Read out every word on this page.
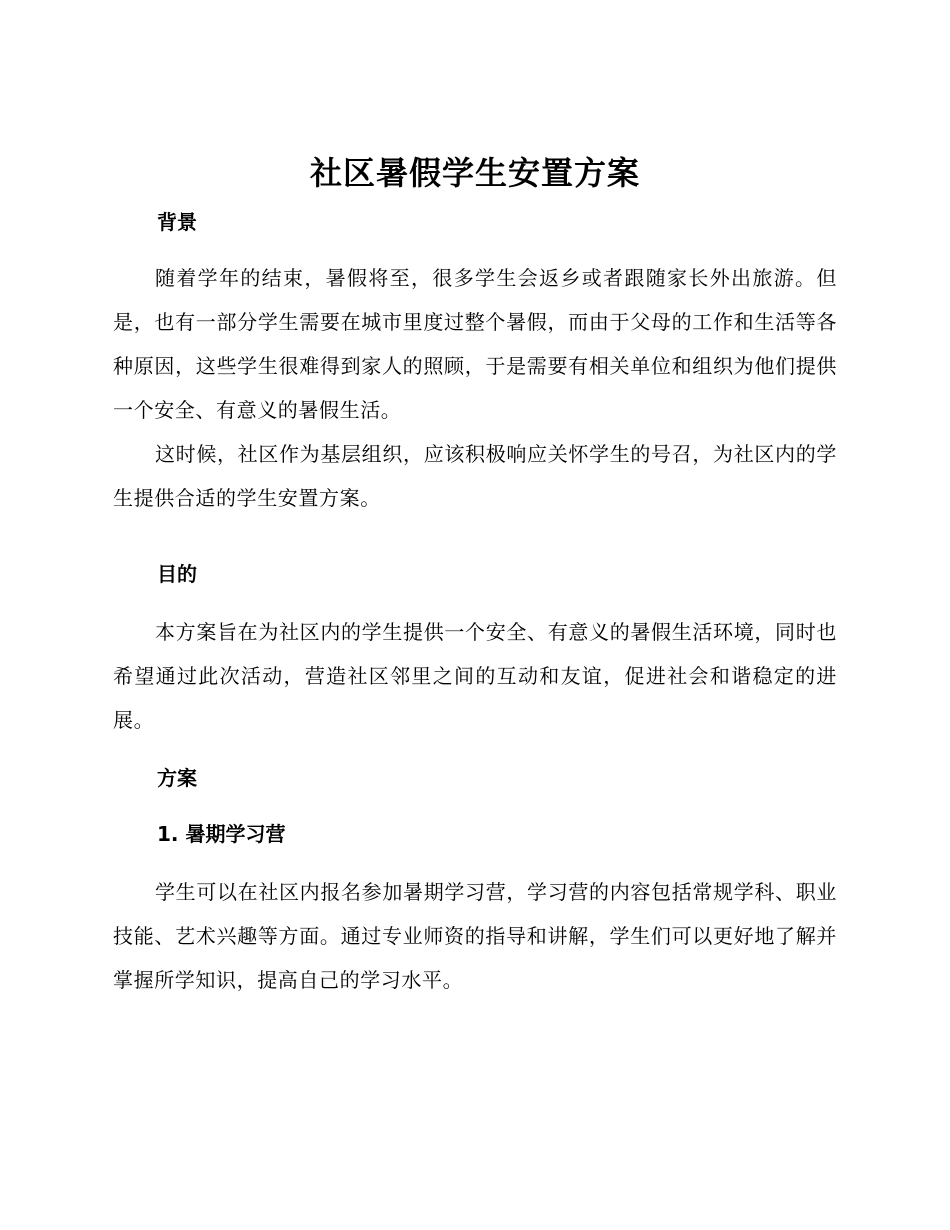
社区暑假学生安置方案
背景

随着学年的结束，暑假将至，很多学生会返乡或者跟随家长外出旅游。但是，也有一部分学生需要在城市里度过整个暑假，而由于父母的工作和生活等各种原因，这些学生很难得到家人的照顾，于是需要有相关单位和组织为他们提供一个安全、有意义的暑假生活。

这时候，社区作为基层组织，应该积极响应关怀学生的号召，为社区内的学生提供合适的学生安置方案。

目的

本方案旨在为社区内的学生提供一个安全、有意义的暑假生活环境，同时也希望通过此次活动，营造社区邻里之间的互动和友谊，促进社会和谐稳定的进展。

方案
1. 暑期学习营

学生可以在社区内报名参加暑期学习营，学习营的内容包括常规学科、职业技能、艺术兴趣等方面。通过专业师资的指导和讲解，学生们可以更好地了解并掌握所学知识，提高自己的学习水平。
